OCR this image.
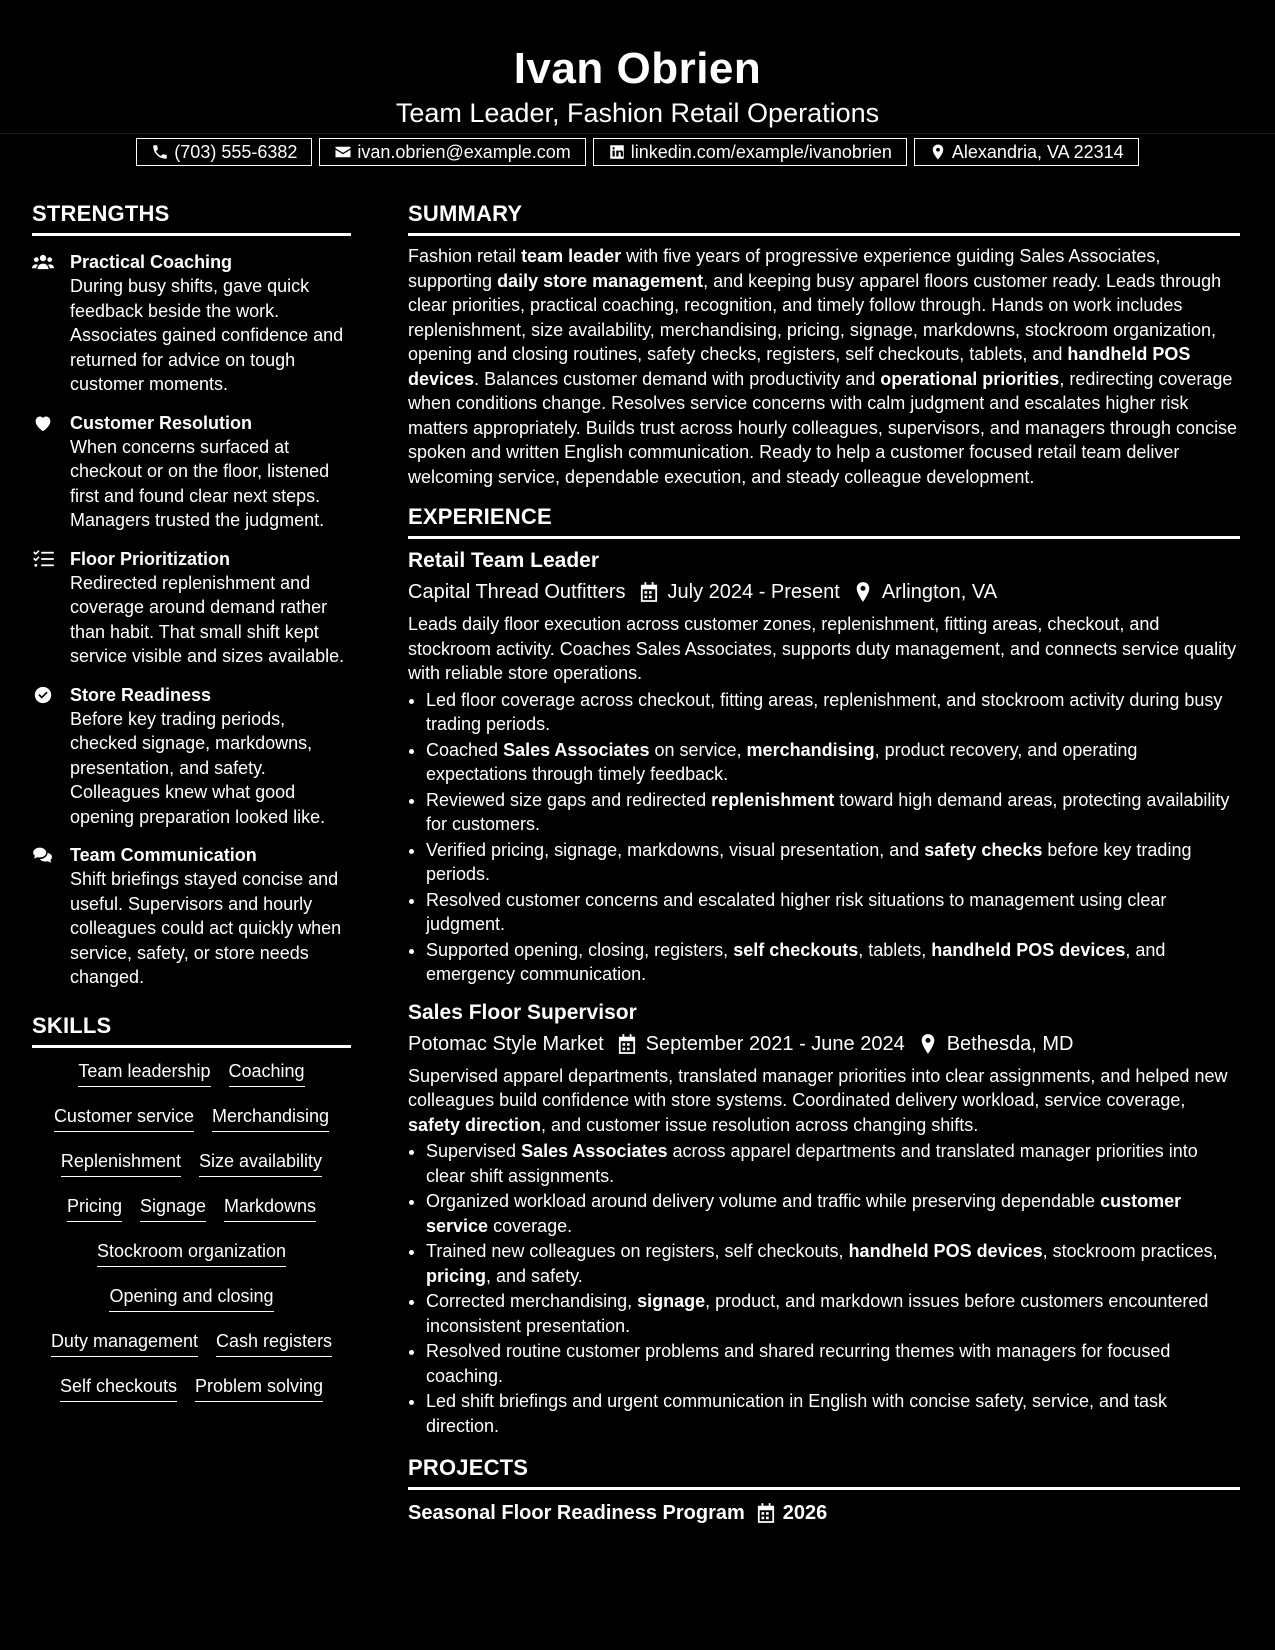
Ivan Obrien
Team Leader, Fashion Retail Operations
(703) 555-6382	ivan.obrien@example.com	linkedin.com/example/ivanobrien	Alexandria, VA 22314
STRENGTHS
Practical Coaching
During busy shifts, gave quick feedback beside the work. Associates gained confidence and returned for advice on tough customer moments.
Customer Resolution
When concerns surfaced at checkout or on the floor, listened first and found clear next steps. Managers trusted the judgment.
Floor Prioritization
Redirected replenishment and coverage around demand rather than habit. That small shift kept service visible and sizes available.
Store Readiness
Before key trading periods, checked signage, markdowns, presentation, and safety. Colleagues knew what good opening preparation looked like.
Team Communication
Shift briefings stayed concise and useful. Supervisors and hourly colleagues could act quickly when service, safety, or store needs changed.
SKILLS
Team leadership Coaching
Customer service Merchandising
Replenishment Size availability
Pricing Signage Markdowns
Stockroom organization
Opening and closing
Duty management Cash registers
Self checkouts Problem solving
SUMMARY

Fashion retail team leader with five years of progressive experience guiding Sales Associates, supporting daily store management, and keeping busy apparel floors customer ready. Leads through clear priorities, practical coaching, recognition, and timely follow through. Hands on work includes replenishment, size availability, merchandising, pricing, signage, markdowns, stockroom organization, opening and closing routines, safety checks, registers, self checkouts, tablets, and handheld POS devices. Balances customer demand with productivity and operational priorities, redirecting coverage when conditions change. Resolves service concerns with calm judgment and escalates higher risk matters appropriately. Builds trust across hourly colleagues, supervisors, and managers through concise spoken and written English communication. Ready to help a customer focused retail team deliver welcoming service, dependable execution, and steady colleague development.

EXPERIENCE
Retail Team Leader
Capital Thread Outfitters July 2024 - Present Arlington, VA
Leads daily floor execution across customer zones, replenishment, fitting areas, checkout, and stockroom activity. Coaches Sales Associates, supports duty management, and connects service quality with reliable store operations.
• Led floor coverage across checkout, fitting areas, replenishment, and stockroom activity during busy trading periods.
• Coached Sales Associates on service, merchandising, product recovery, and operating expectations through timely feedback.
• Reviewed size gaps and redirected replenishment toward high demand areas, protecting availability for customers.
• Verified pricing, signage, markdowns, visual presentation, and safety checks before key trading periods.
• Resolved customer concerns and escalated higher risk situations to management using clear judgment.
• Supported opening, closing, registers, self checkouts, tablets, handheld POS devices, and emergency communication.
Sales Floor Supervisor
Potomac Style Market September 2021 - June 2024 Bethesda, MD
Supervised apparel departments, translated manager priorities into clear assignments, and helped new colleagues build confidence with store systems. Coordinated delivery workload, service coverage, safety direction, and customer issue resolution across changing shifts.
• Supervised Sales Associates across apparel departments and translated manager priorities into clear shift assignments.
• Organized workload around delivery volume and traffic while preserving dependable customer service coverage.
• Trained new colleagues on registers, self checkouts, handheld POS devices, stockroom practices, pricing, and safety.
• Corrected merchandising, signage, product, and markdown issues before customers encountered inconsistent presentation.
• Resolved routine customer problems and shared recurring themes with managers for focused coaching.
• Led shift briefings and urgent communication in English with concise safety, service, and task direction.
PROJECTS
Seasonal Floor Readiness Program 2026
